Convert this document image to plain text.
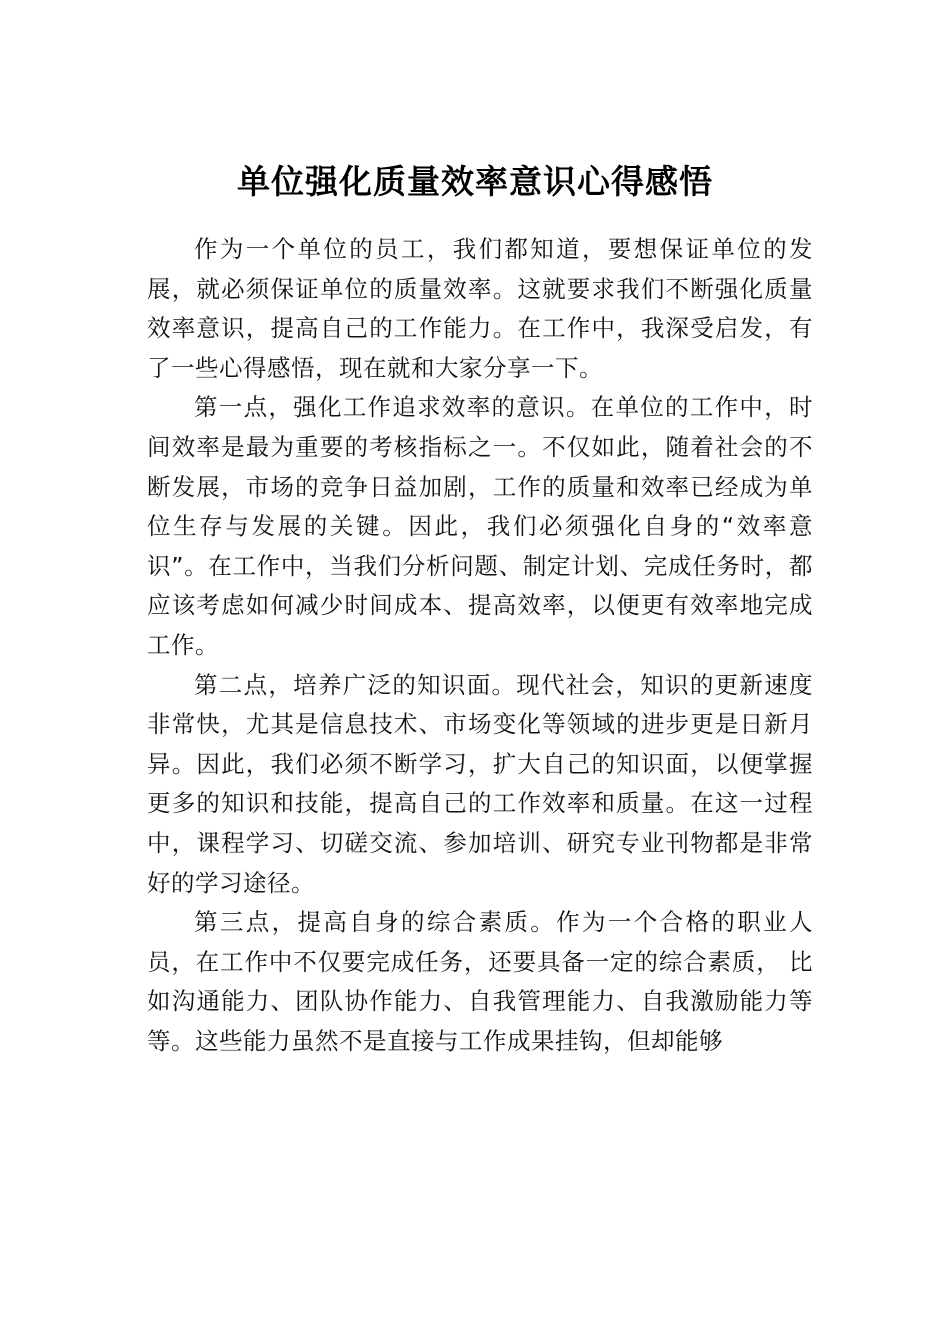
单位强化质量效率意识心得感悟

作为一个单位的员工，我们都知道，要想保证单位的发展，就必须保证单位的质量效率。这就要求我们不断强化质量效率意识，提高自己的工作能力。在工作中，我深受启发，有了一些心得感悟，现在就和大家分享一下。

第一点，强化工作追求效率的意识。在单位的工作中，时间效率是最为重要的考核指标之一。不仅如此，随着社会的不断发展，市场的竞争日益加剧，工作的质量和效率已经成为单位生存与发展的关键。因此，我们必须强化自身的“效率意识”。在工作中，当我们分析问题、制定计划、完成任务时，都应该考虑如何减少时间成本、提高效率，以便更有效率地完成工作。

第二点，培养广泛的知识面。现代社会，知识的更新速度非常快，尤其是信息技术、市场变化等领域的进步更是日新月异。因此，我们必须不断学习，扩大自己的知识面，以便掌握更多的知识和技能，提高自己的工作效率和质量。在这一过程中，课程学习、切磋交流、参加培训、研究专业刊物都是非常好的学习途径。

第三点，提高自身的综合素质。作为一个合格的职业人员，在工作中不仅要完成任务，还要具备一定的综合素质， 比如沟通能力、团队协作能力、自我管理能力、自我激励能力等等。这些能力虽然不是直接与工作成果挂钩，但却能够
